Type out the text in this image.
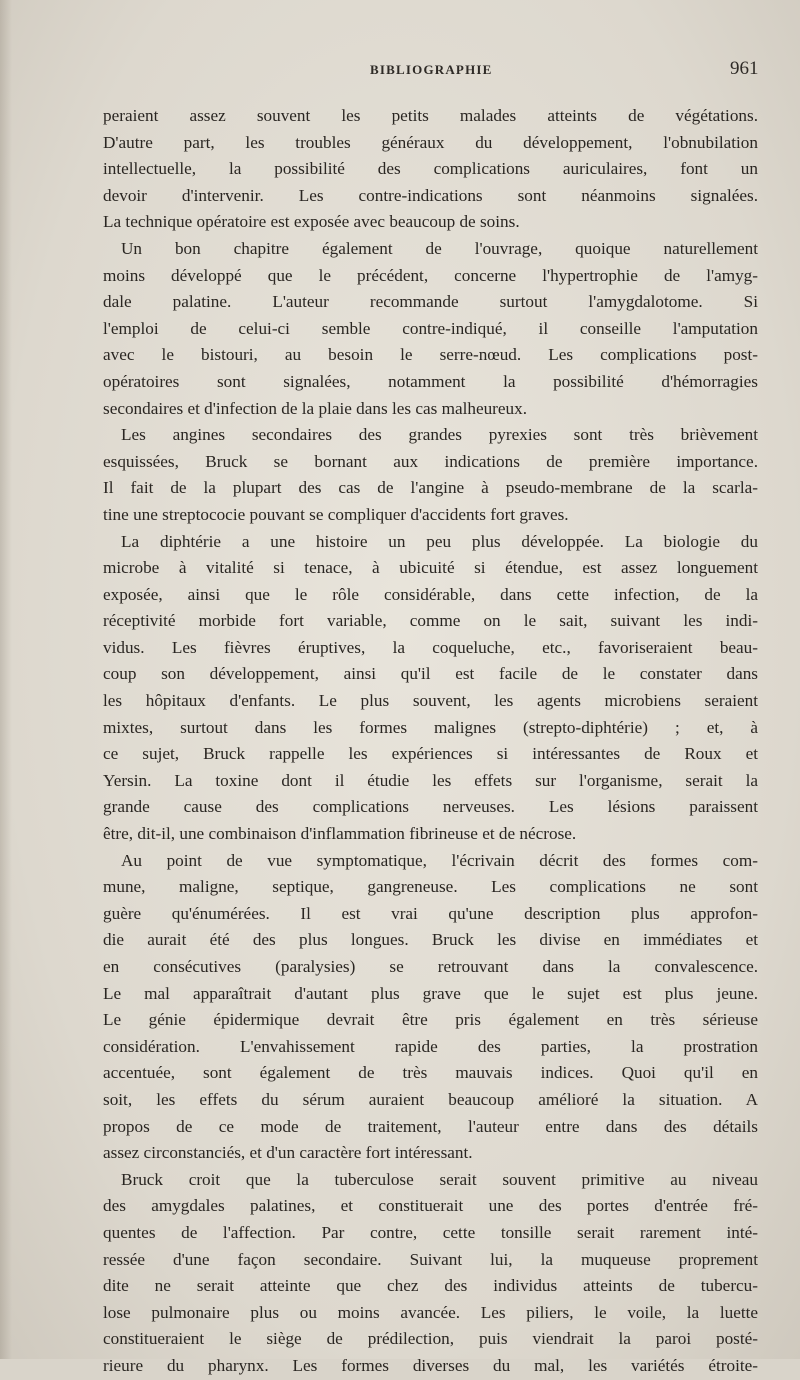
BIBLIOGRAPHIE	961
peraient assez souvent les petits malades atteints de végétations.
D'autre part, les troubles généraux du développement, l'obnubilation
intellectuelle, la possibilité des complications auriculaires, font un
devoir d'intervenir. Les contre-indications sont néanmoins signalées.
La technique opératoire est exposée avec beaucoup de soins.
Un bon chapitre également de l'ouvrage, quoique naturellement
moins développé que le précédent, concerne l'hypertrophie de l'amyg-
dale palatine. L'auteur recommande surtout l'amygdalotome. Si
l'emploi de celui-ci semble contre-indiqué, il conseille l'amputation
avec le bistouri, au besoin le serre-nœud. Les complications post-
opératoires sont signalées, notamment la possibilité d'hémorragies
secondaires et d'infection de la plaie dans les cas malheureux.
Les angines secondaires des grandes pyrexies sont très brièvement
esquissées, Bruck se bornant aux indications de première importance.
Il fait de la plupart des cas de l'angine à pseudo-membrane de la scarla-
tine une streptococie pouvant se compliquer d'accidents fort graves.
La diphtérie a une histoire un peu plus développée. La biologie du
microbe à vitalité si tenace, à ubicuité si étendue, est assez longuement
exposée, ainsi que le rôle considérable, dans cette infection, de la
réceptivité morbide fort variable, comme on le sait, suivant les indi-
vidus. Les fièvres éruptives, la coqueluche, etc., favoriseraient beau-
coup son développement, ainsi qu'il est facile de le constater dans
les hôpitaux d'enfants. Le plus souvent, les agents microbiens seraient
mixtes, surtout dans les formes malignes (strepto-diphtérie) ; et, à
ce sujet, Bruck rappelle les expériences si intéressantes de Roux et
Yersin. La toxine dont il étudie les effets sur l'organisme, serait la
grande cause des complications nerveuses. Les lésions paraissent
être, dit-il, une combinaison d'inflammation fibrineuse et de nécrose.
Au point de vue symptomatique, l'écrivain décrit des formes com-
mune, maligne, septique, gangreneuse. Les complications ne sont
guère qu'énumérées. Il est vrai qu'une description plus approfon-
die aurait été des plus longues. Bruck les divise en immédiates et
en consécutives (paralysies) se retrouvant dans la convalescence.
Le mal apparaîtrait d'autant plus grave que le sujet est plus jeune.
Le génie épidermique devrait être pris également en très sérieuse
considération. L'envahissement rapide des parties, la prostration
accentuée, sont également de très mauvais indices. Quoi qu'il en
soit, les effets du sérum auraient beaucoup amélioré la situation. A
propos de ce mode de traitement, l'auteur entre dans des détails
assez circonstanciés, et d'un caractère fort intéressant.
Bruck croit que la tuberculose serait souvent primitive au niveau
des amygdales palatines, et constituerait une des portes d'entrée fré-
quentes de l'affection. Par contre, cette tonsille serait rarement inté-
ressée d'une façon secondaire. Suivant lui, la muqueuse proprement
dite ne serait atteinte que chez des individus atteints de tubercu-
lose pulmonaire plus ou moins avancée. Les piliers, le voile, la luette
constitueraient le siège de prédilection, puis viendrait la paroi posté-
rieure du pharynx. Les formes diverses du mal, les variétés étroite-
